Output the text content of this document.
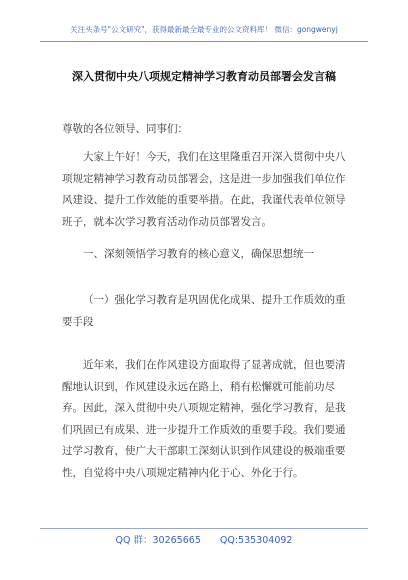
关注头条号"公文研究"，获得最新最全最专业的公文资料库！ 微信：gongwenyj
深入贯彻中央八项规定精神学习教育动员部署会发言稿

尊敬的各位领导、同事们：

大家上午好！今天，我们在这里隆重召开深入贯彻中央八项规定精神学习教育动员部署会，这是进一步加强我们单位作风建设、提升工作效能的重要举措。在此，我谨代表单位领导班子，就本次学习教育活动作动员部署发言。

一、深刻领悟学习教育的核心意义，确保思想统一

（一）强化学习教育是巩固优化成果、提升工作质效的重要手段

近年来，我们在作风建设方面取得了显著成就，但也要清醒地认识到，作风建设永远在路上，稍有松懈就可能前功尽弃。因此，深入贯彻中央八项规定精神，强化学习教育，是我们巩固已有成果、进一步提升工作质效的重要手段。我们要通过学习教育，使广大干部职工深刻认识到作风建设的极端重要性，自觉将中央八项规定精神内化于心、外化于行。

QQ 群：30265665 QQ:535304092
